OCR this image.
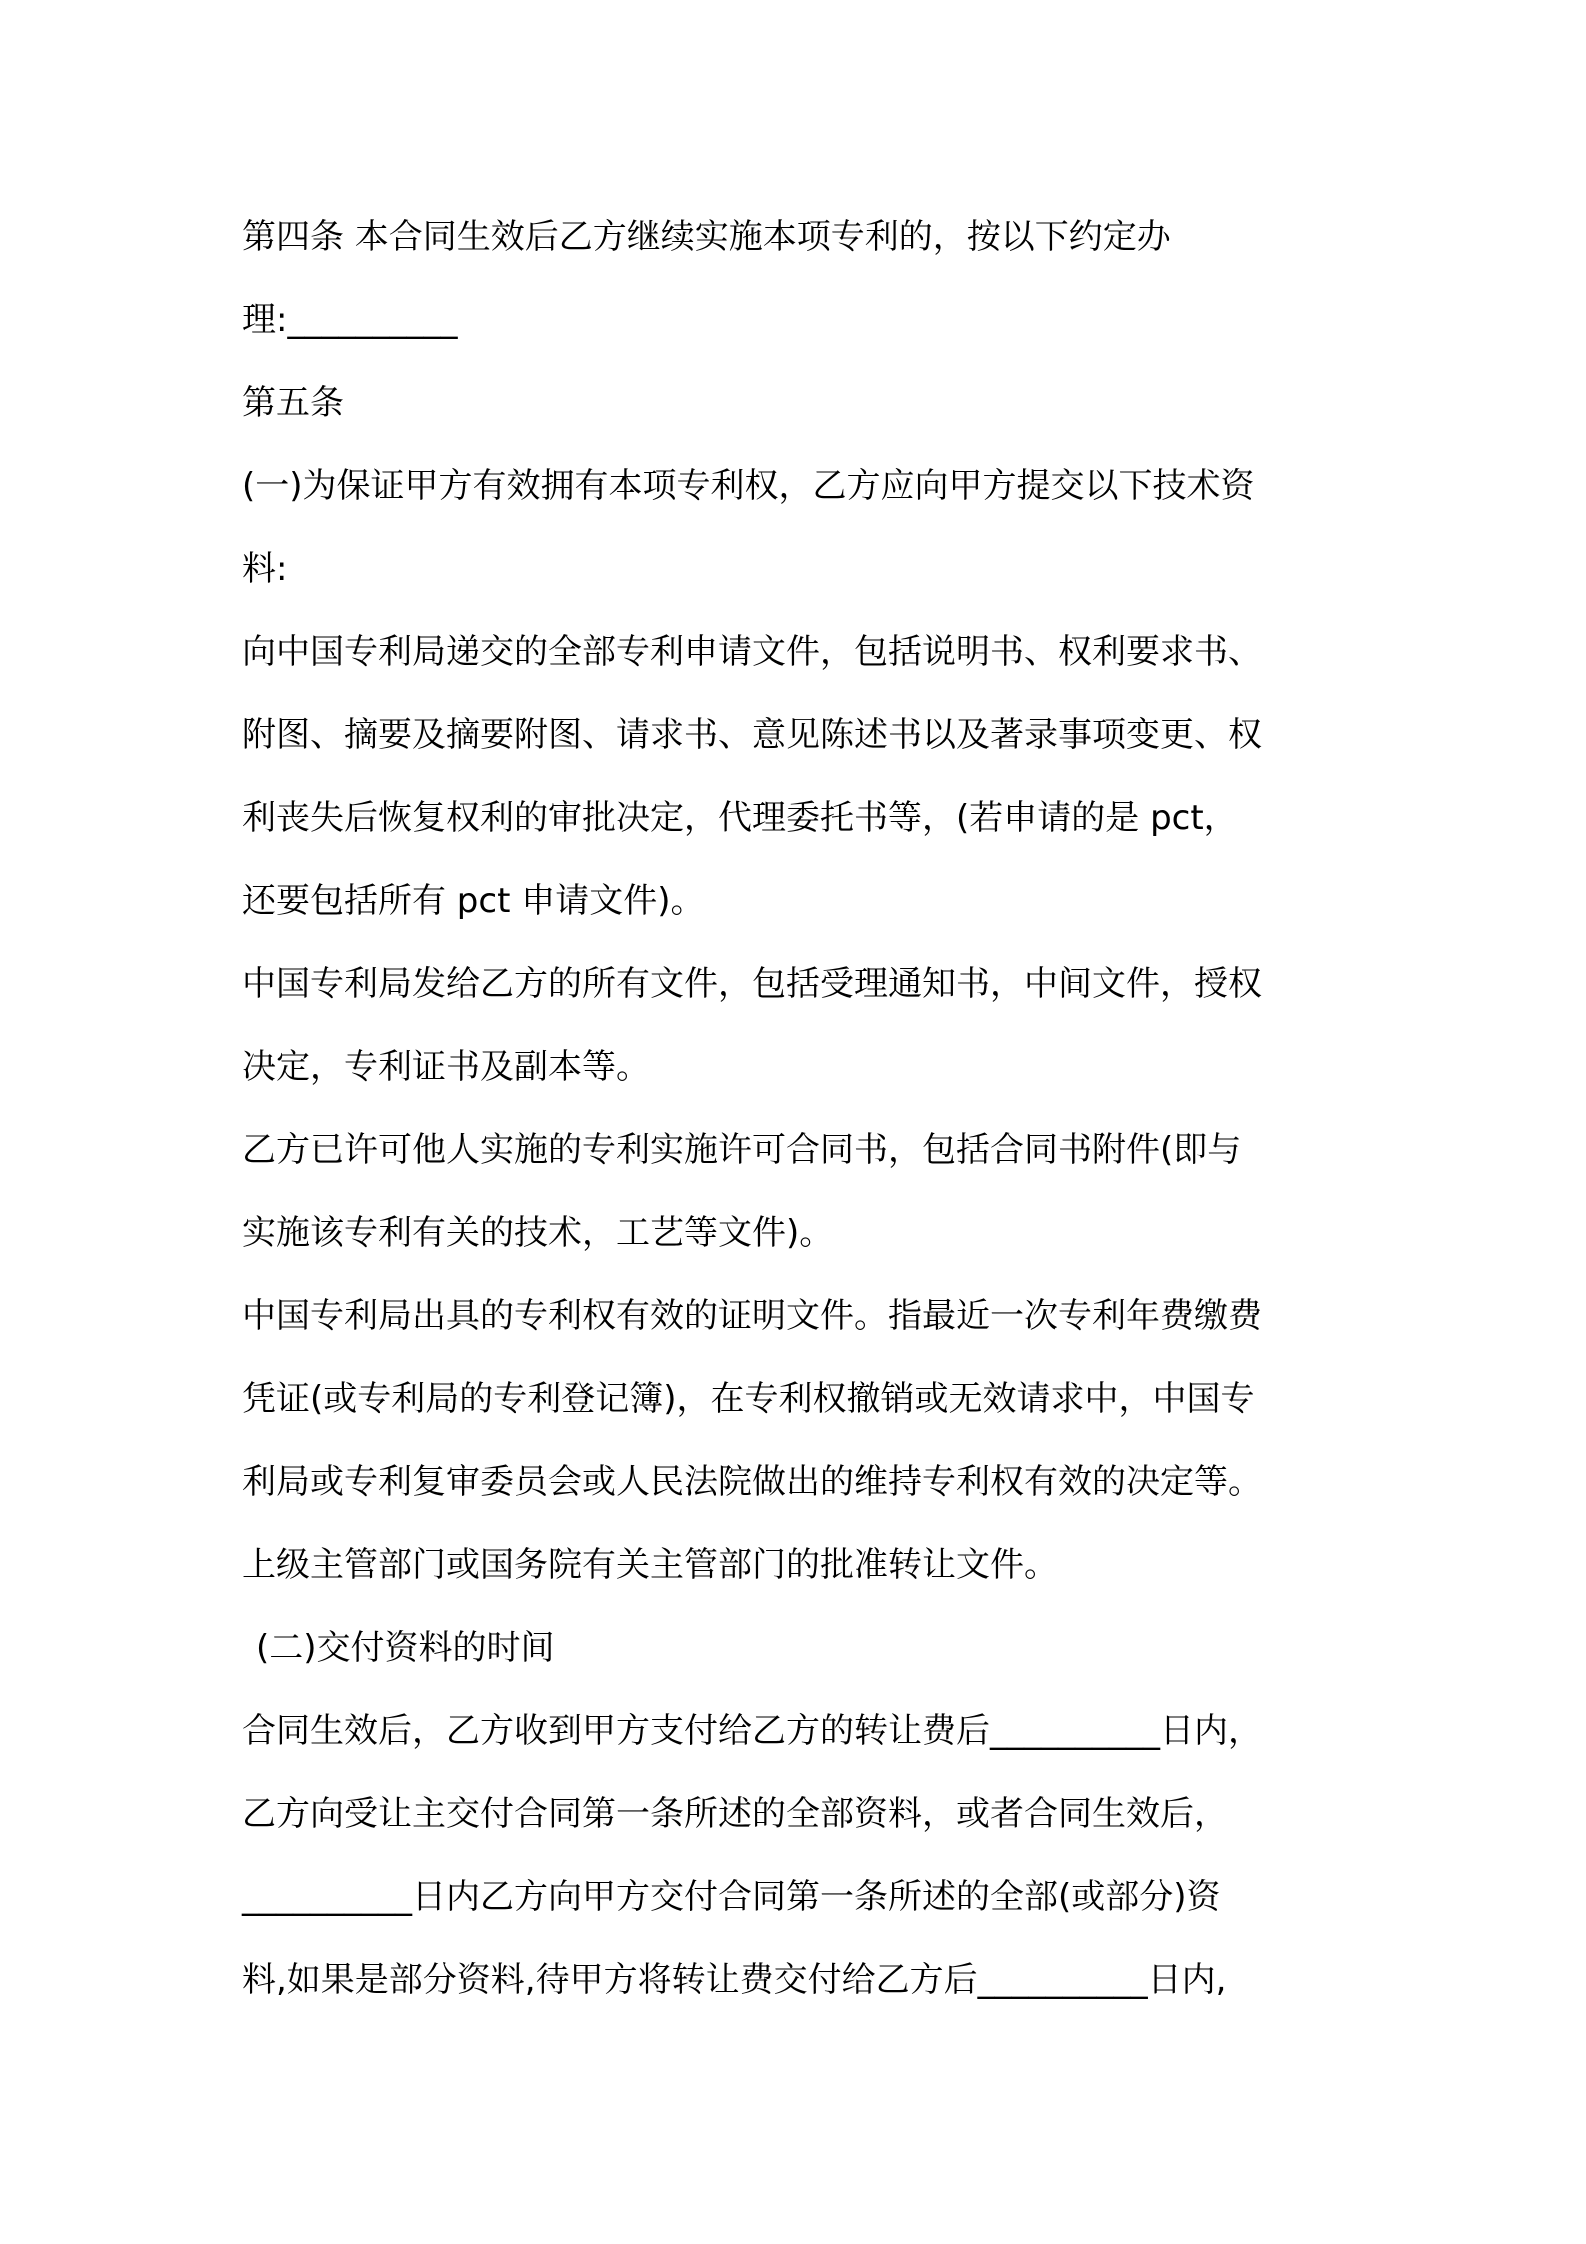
第四条 本合同生效后乙方继续实施本项专利的，按以下约定办
理:__________
第五条
(一)为保证甲方有效拥有本项专利权，乙方应向甲方提交以下技术资
料:
向中国专利局递交的全部专利申请文件，包括说明书、权利要求书、
附图、摘要及摘要附图、请求书、意见陈述书以及著录事项变更、权
利丧失后恢复权利的审批决定，代理委托书等，(若申请的是 pct，
还要包括所有 pct 申请文件)。
中国专利局发给乙方的所有文件，包括受理通知书，中间文件，授权
决定，专利证书及副本等。
乙方已许可他人实施的专利实施许可合同书，包括合同书附件(即与
实施该专利有关的技术，工艺等文件)。
中国专利局出具的专利权有效的证明文件。指最近一次专利年费缴费
凭证(或专利局的专利登记簿)，在专利权撤销或无效请求中，中国专
利局或专利复审委员会或人民法院做出的维持专利权有效的决定等。
上级主管部门或国务院有关主管部门的批准转让文件。
(二)交付资料的时间
合同生效后，乙方收到甲方支付给乙方的转让费后__________日内，
乙方向受让主交付合同第一条所述的全部资料，或者合同生效后，
__________日内乙方向甲方交付合同第一条所述的全部(或部分)资
料,如果是部分资料,待甲方将转让费交付给乙方后__________日内,
